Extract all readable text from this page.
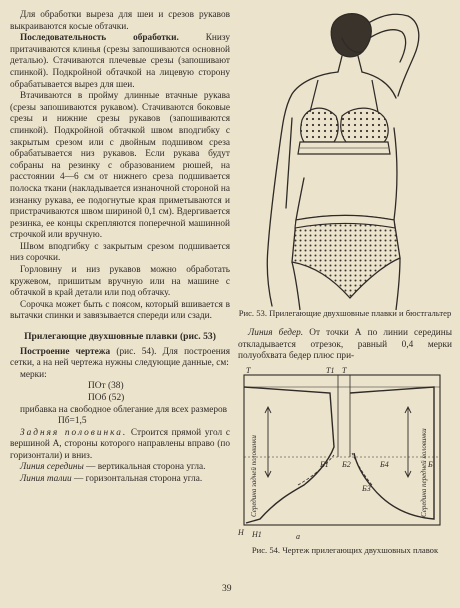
Для обработки выреза для шеи и срезов рукавов выкраиваются косые обтачки.

Последовательность обработки. Книзу притачиваются клинья (срезы запошиваются основной деталью). Стачиваются плечевые срезы (запошивают спинкой). Подкройной обтачкой на лицевую сторону обрабатывается вырез для шеи.

Втачиваются в пройму длинные втачные рукава (срезы запошиваются рукавом). Стачиваются боковые срезы и нижние срезы рукавов (запошиваются спинкой). Подкройной обтачкой швом вподгибку с закрытым срезом или с двойным подшивом среза обрабатывается низ рукавов. Если рукава будут собраны на резинку с образованием рюшей, на расстоянии 4—6 см от нижнего среза подшивается полоска ткани (накладывается изнаночной стороной на изнанку рукава, ее подогнутые края приметываются и пристрачиваются швом шириной 0,1 см). Вдергивается резинка, ее концы скрепляются поперечной машинной строчкой или вручную.

Швом вподгибку с закрытым срезом подшивается низ сорочки.

Горловину и низ рукавов можно обработать кружевом, пришитым вручную или на машине с обтачкой в край детали или под обтачку.

Сорочка может быть с поясом, который вшивается в вытачки спинки и завязывается спереди или сзади.

Прилегающие двухшовные плавки (рис. 53)

Построение чертежа (рис. 54). Для построения сетки, а на ней чертежа нужны следующие данные, см:

мерки:

ПОт (38)

ПОб (52)

прибавка на свободное облегание для всех размеров

Пб=1,5

Задняя половинка. Строится прямой угол с вершиной А, стороны которого направлены вправо (по горизонтали) и вниз.

Линия середины — вертикальная сторона угла.

Линия талии — горизонтальная сторона угла.

Рис. 53. Прилегающие двухшовные плавки и бюстгальтер

Линия бедер. От точки А по линии середины откладывается отрезок, равный 0,4 мерки полуобхвата бедер плюс при-

Т	Т1 Т
Б1 Б2	Б4
Б3
Б
Н Н1	а
Середина задней половинки	Середина передней половинки

Рис. 54. Чертеж прилегающих двухшовных плавок

39
